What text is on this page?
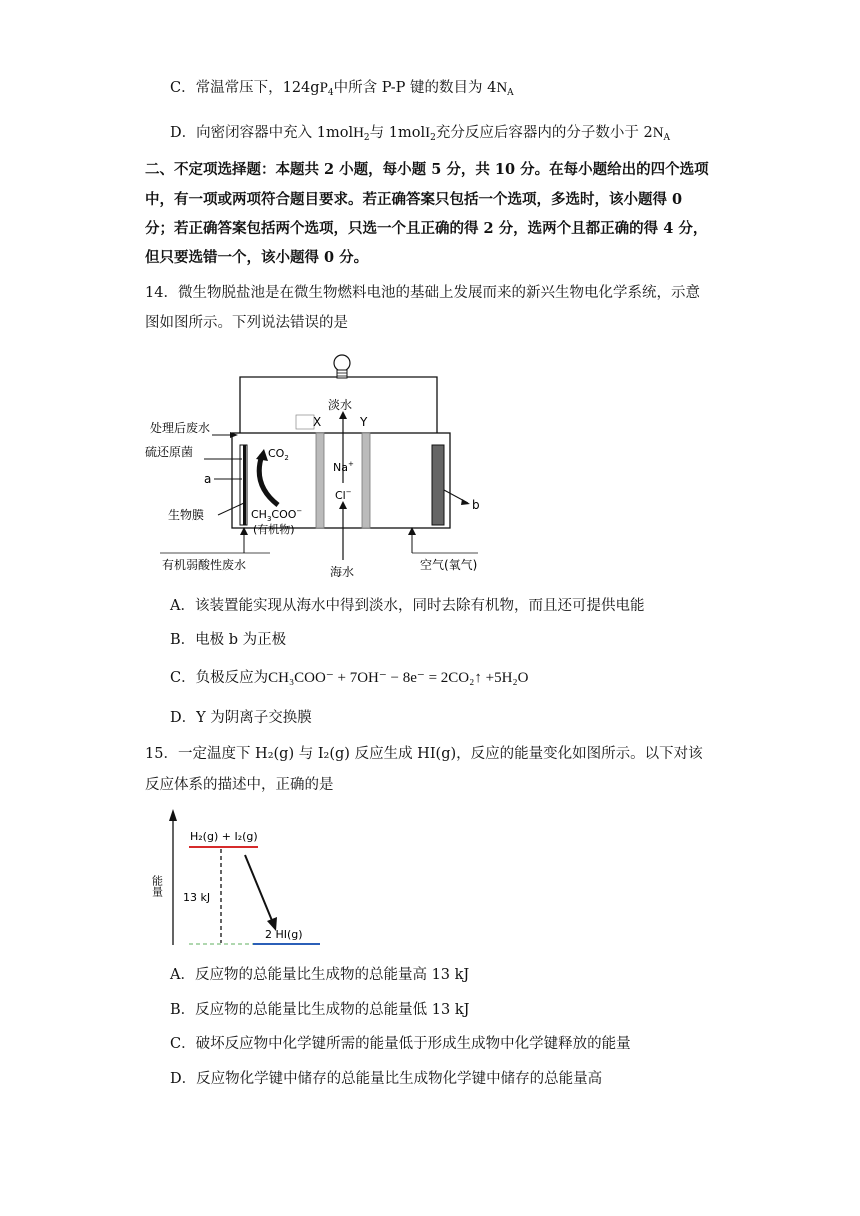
C．常温常压下，$124gP_4$中所含 P-P 键的数目为 $4N_A$
D．向密闭容器中充入 1molH$_2$与 1molI$_2$充分反应后容器内的分子数小于 $2N_A$
二、不定项选择题：本题共 2 小题，每小题 5 分，共 10 分。在每小题给出的四个选项
中，有一项或两项符合题目要求。若正确答案只包括一个选项，多选时，该小题得 0
分；若正确答案包括两个选项，只选一个且正确的得 2 分，选两个且都正确的得 4 分，
但只要选错一个，该小题得 0 分。
14．微生物脱盐池是在微生物燃料电池的基础上发展而来的新兴生物电化学系统，示意
图如图所示。下列说法错误的是
淡水
X	Y
Na+
Cl−
海水
处理后废水
硫还原菌
a
生物膜
$CO_2$
$CH_3COO^-$
(有机物)
b
有机弱酸性废水	空气(氧气)
A．该装置能实现从海水中得到淡水，同时去除有机物，而且还可提供电能
B．电极 b 为正极
C．负极反应为CH₃COO⁻ + 7OH⁻ − 8e⁻ = 2CO₂↑ +5H₂O
D．Y 为阴离子交换膜
15．一定温度下 H₂(g) 与 I₂(g) 反应生成 HI(g)，反应的能量变化如图所示。以下对该
反应体系的描述中，正确的是
能量
H₂(g) + I₂(g)
13 kJ
2 HI(g)
A．反应物的总能量比生成物的总能量高 13 kJ
B．反应物的总能量比生成物的总能量低 13 kJ
C．破坏反应物中化学键所需的能量低于形成生成物中化学键释放的能量
D．反应物化学键中储存的总能量比生成物化学键中储存的总能量高
